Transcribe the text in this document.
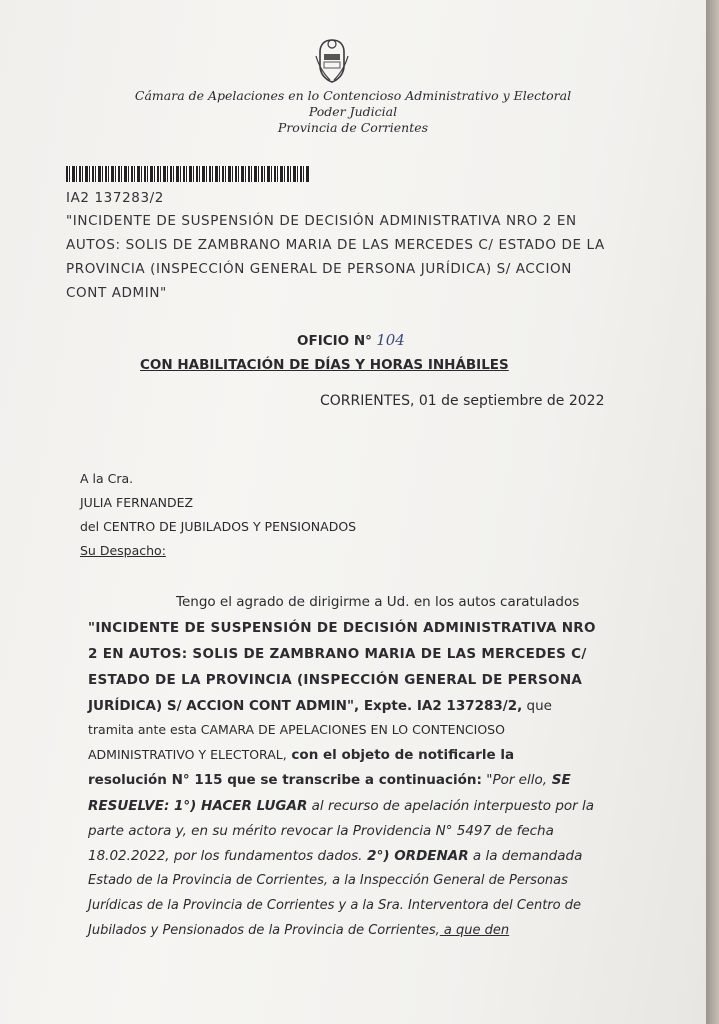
Cámara de Apelaciones en lo Contencioso Administrativo y Electoral
Poder Judicial
Provincia de Corrientes
IA2 137283/2
"INCIDENTE DE SUSPENSIÓN DE DECISIÓN ADMINISTRATIVA NRO 2 EN
AUTOS: SOLIS DE ZAMBRANO MARIA DE LAS MERCEDES C/ ESTADO DE LA
PROVINCIA (INSPECCIÓN GENERAL DE PERSONA JURÍDICA) S/ ACCION
CONT ADMIN"
OFICIO N° 104
CON HABILITACIÓN DE DÍAS Y HORAS INHÁBILES
CORRIENTES, 01 de septiembre de 2022
A la Cra.
JULIA FERNANDEZ
del CENTRO DE JUBILADOS Y PENSIONADOS
Su Despacho:
Tengo el agrado de dirigirme a Ud. en los autos caratulados
"INCIDENTE DE SUSPENSIÓN DE DECISIÓN ADMINISTRATIVA NRO
2 EN AUTOS: SOLIS DE ZAMBRANO MARIA DE LAS MERCEDES C/
ESTADO DE LA PROVINCIA (INSPECCIÓN GENERAL DE PERSONA
JURÍDICA) S/ ACCION CONT ADMIN", Expte. IA2 137283/2, que
tramita ante esta CAMARA DE APELACIONES EN LO CONTENCIOSO
ADMINISTRATIVO Y ELECTORAL, con el objeto de notificarle la
resolución N° 115 que se transcribe a continuación: "Por ello, SE
RESUELVE: 1°) HACER LUGAR al recurso de apelación interpuesto por la
parte actora y, en su mérito revocar la Providencia N° 5497 de fecha
18.02.2022, por los fundamentos dados. 2°) ORDENAR a la demandada
Estado de la Provincia de Corrientes, a la Inspección General de Personas
Jurídicas de la Provincia de Corrientes y a la Sra. Interventora del Centro de
Jubilados y Pensionados de la Provincia de Corrientes, a que den
